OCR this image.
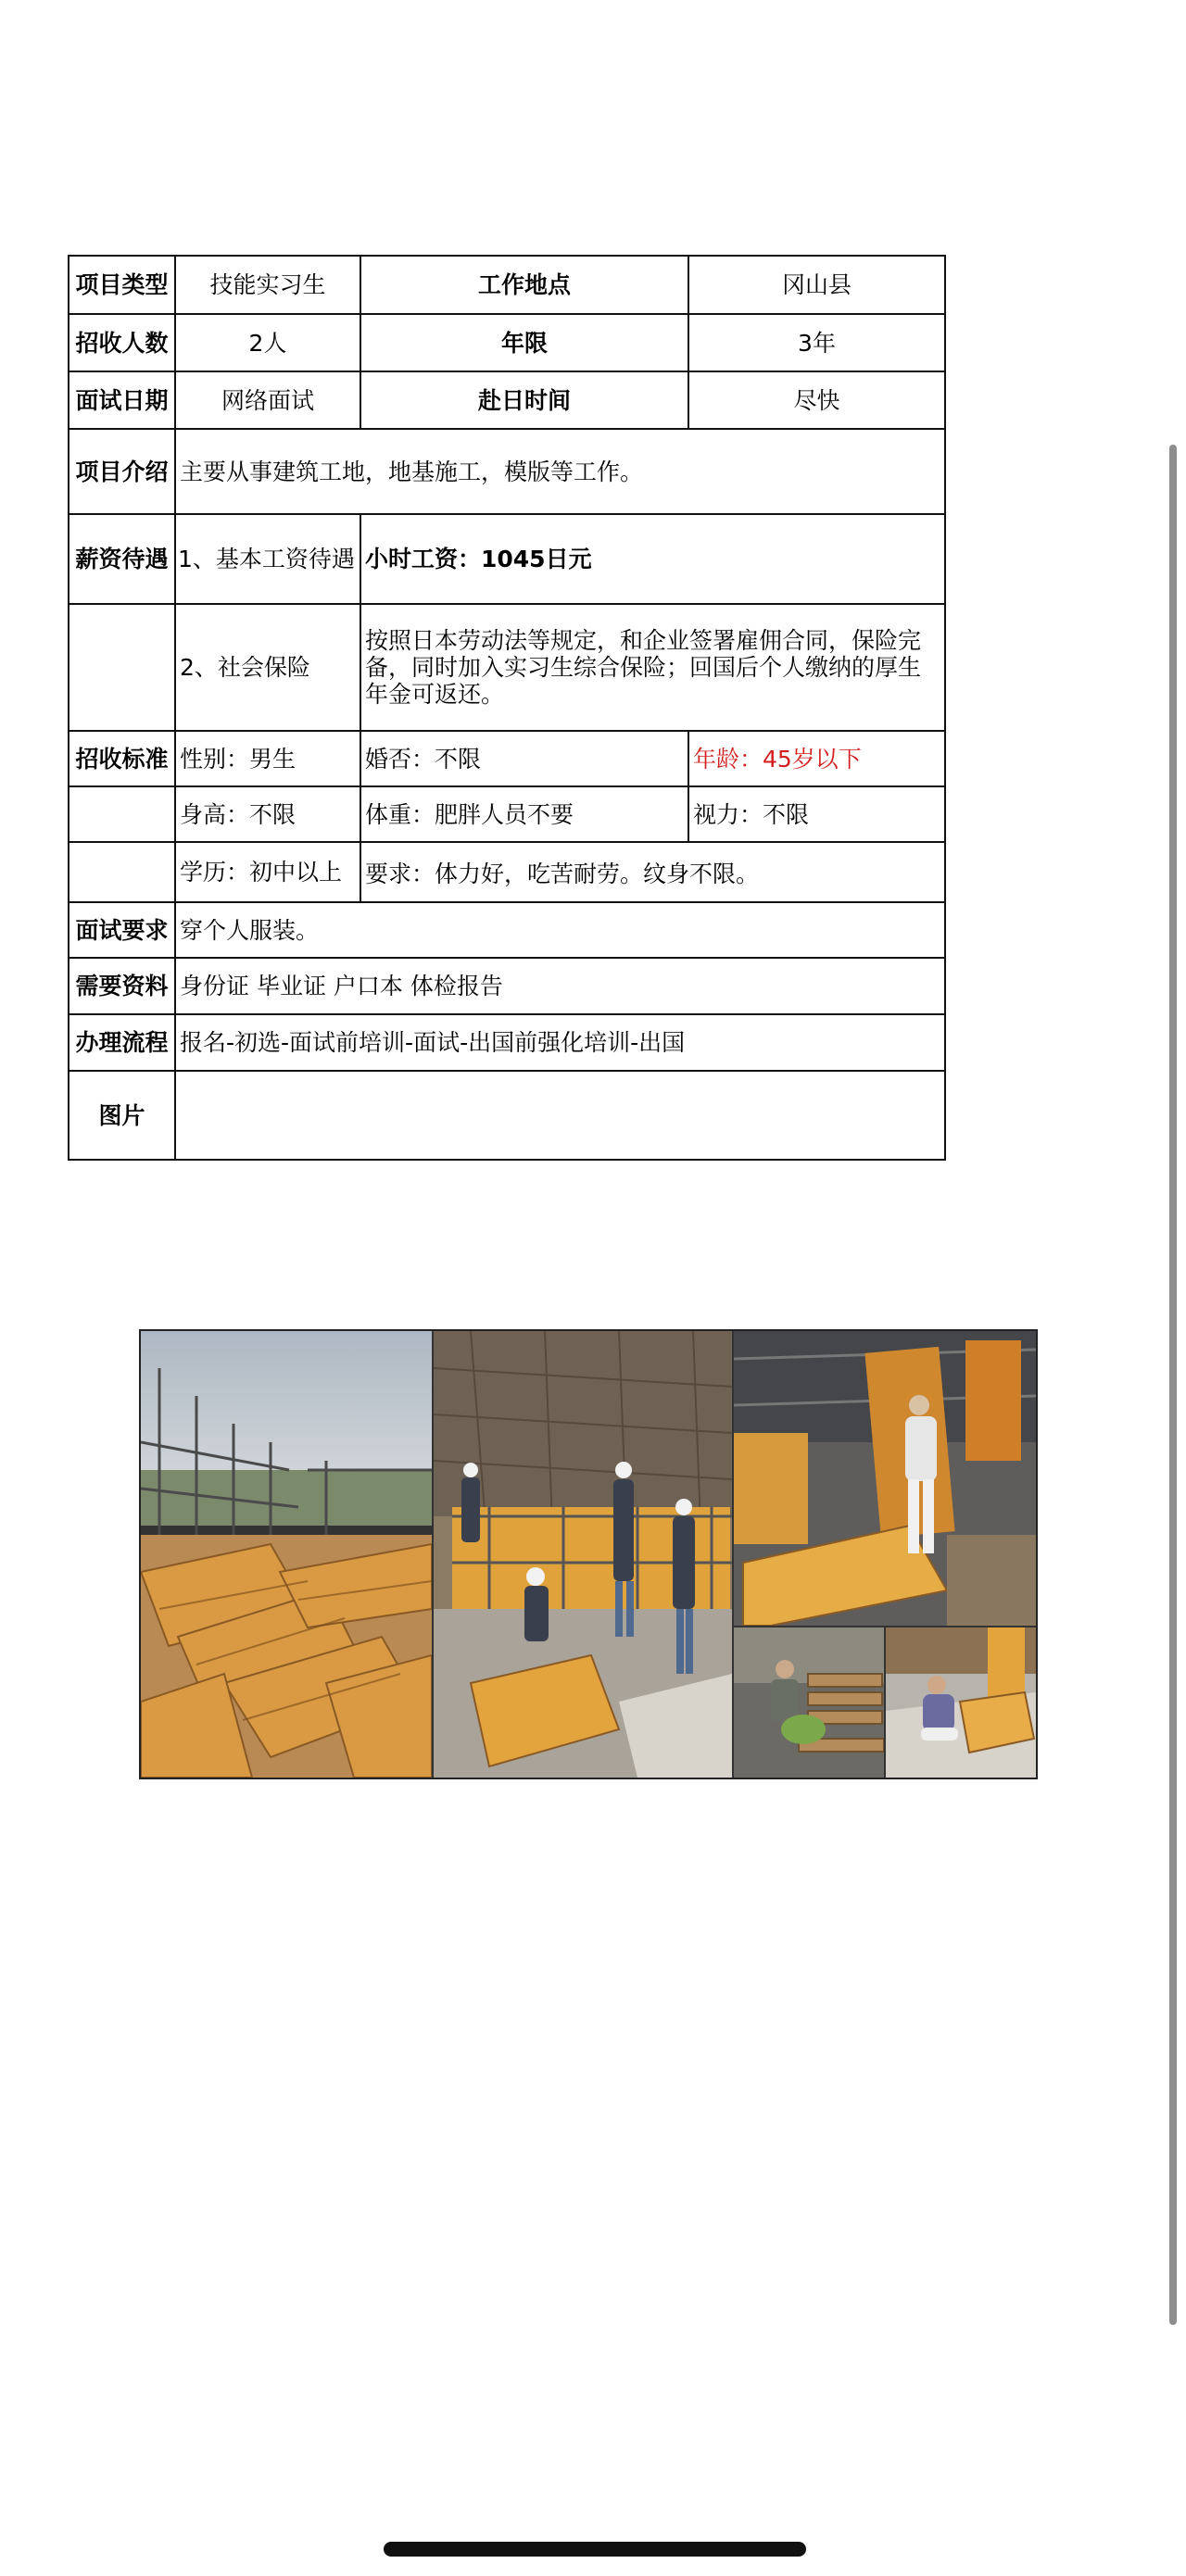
项目类型	技能实习生	工作地点	冈山县
招收人数	2人	年限	3年
面试日期	网络面试	赴日时间	尽快
项目介绍	主要从事建筑工地，地基施工，模版等工作。		
薪资待遇	1、基本工资待遇	小时工资：1045日元	
	2、社会保险	按照日本劳动法等规定，和企业签署雇佣合同，保险完备，同时加入实习生综合保险；回国后个人缴纳的厚生年金可返还。	
招收标准	性别：男生	婚否：不限	年龄：45岁以下
	身高：不限	体重：肥胖人员不要	视力：不限
	学历：初中以上	要求：体力好，吃苦耐劳。纹身不限。	
面试要求	穿个人服装。		
需要资料	身份证 毕业证 户口本 体检报告		
办理流程	报名-初选-面试前培训-面试-出国前强化培训-出国		
图片			
